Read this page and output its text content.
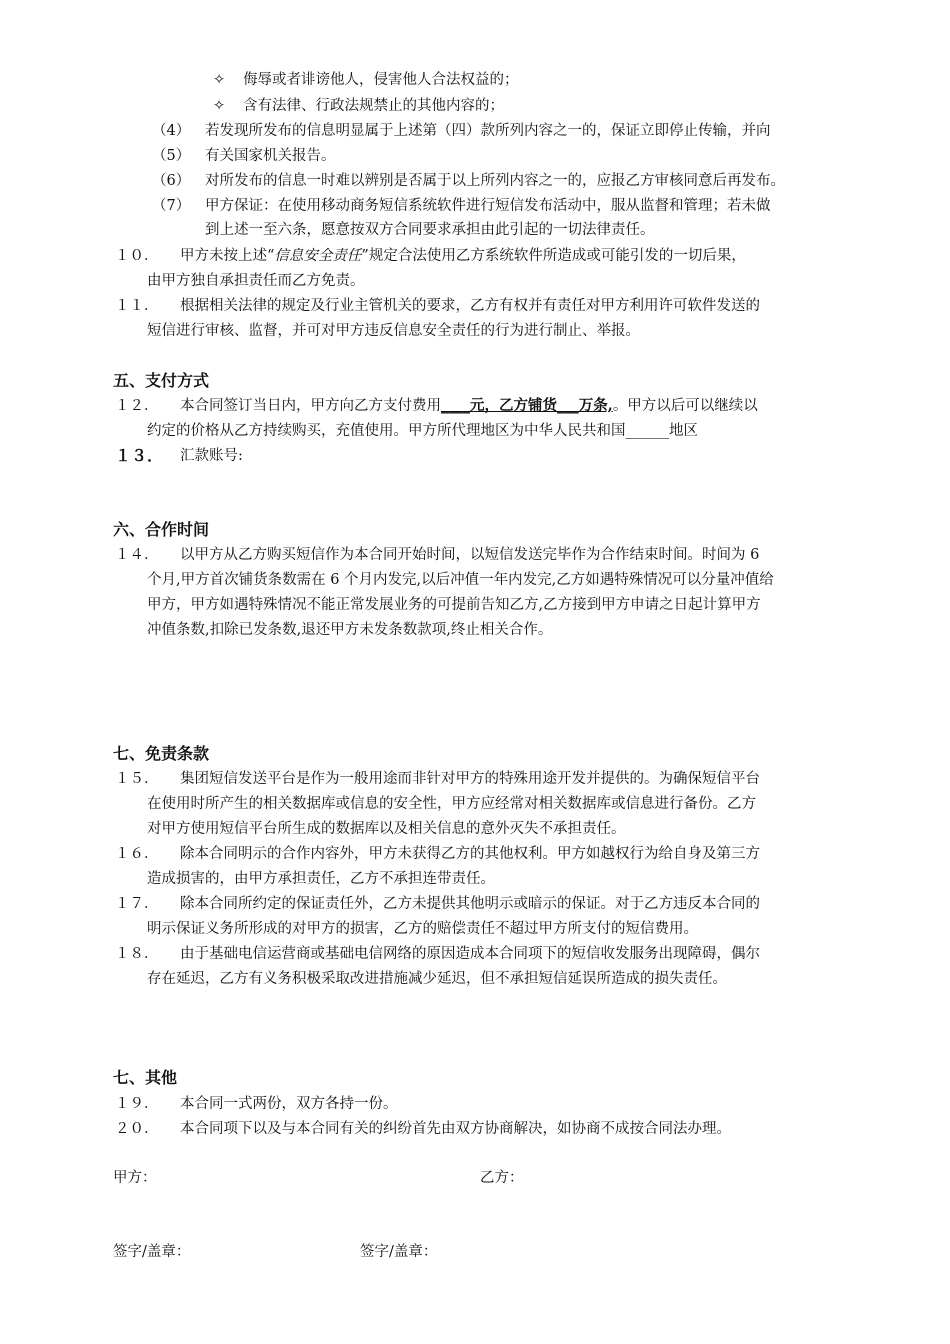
✧ 侮辱或者诽谤他人，侵害他人合法权益的；
✧ 含有法律、行政法规禁止的其他内容的；
（4） 若发现所发布的信息明显属于上述第（四）款所列内容之一的，保证立即停止传输，并向
（5） 有关国家机关报告。
（6） 对所发布的信息一时难以辨别是否属于以上所列内容之一的，应报乙方审核同意后再发布。
（7） 甲方保证：在使用移动商务短信系统软件进行短信发布活动中，服从监督和管理；若未做
到上述一至六条，愿意按双方合同要求承担由此引起的一切法律责任。
１０． 甲方未按上述“信息安全责任”规定合法使用乙方系统软件所造成或可能引发的一切后果，
由甲方独自承担责任而乙方免责。
１１． 根据相关法律的规定及行业主管机关的要求，乙方有权并有责任对甲方利用许可软件发送的
短信进行审核、监督，并可对甲方违反信息安全责任的行为进行制止、举报。
五、支付方式
１２． 本合同签订当日内，甲方向乙方支付费用____元，乙方铺货___万条,。甲方以后可以继续以
约定的价格从乙方持续购买，充值使用。甲方所代理地区为中华人民共和国______地区
１３． 汇款账号:
六、合作时间
１４． 以甲方从乙方购买短信作为本合同开始时间，以短信发送完毕作为合作结束时间。时间为 6
个月,甲方首次铺货条数需在 6 个月内发完,以后冲值一年内发完,乙方如遇特殊情况可以分量冲值给
甲方，甲方如遇特殊情况不能正常发展业务的可提前告知乙方,乙方接到甲方申请之日起计算甲方
冲值条数,扣除已发条数,退还甲方未发条数款项,终止相关合作。
七、免责条款
１５． 集团短信发送平台是作为一般用途而非针对甲方的特殊用途开发并提供的。为确保短信平台
在使用时所产生的相关数据库或信息的安全性，甲方应经常对相关数据库或信息进行备份。乙方
对甲方使用短信平台所生成的数据库以及相关信息的意外灭失不承担责任。
１６． 除本合同明示的合作内容外，甲方未获得乙方的其他权利。甲方如越权行为给自身及第三方
造成损害的，由甲方承担责任，乙方不承担连带责任。
１７． 除本合同所约定的保证责任外，乙方未提供其他明示或暗示的保证。对于乙方违反本合同的
明示保证义务所形成的对甲方的损害，乙方的赔偿责任不超过甲方所支付的短信费用。
１８． 由于基础电信运营商或基础电信网络的原因造成本合同项下的短信收发服务出现障碍，偶尔
存在延迟，乙方有义务积极采取改进措施减少延迟，但不承担短信延误所造成的损失责任。
七、其他
１９． 本合同一式两份，双方各持一份。
２０． 本合同项下以及与本合同有关的纠纷首先由双方协商解决，如协商不成按合同法办理。
甲方：	乙方：
签字/盖章：	签字/盖章：
